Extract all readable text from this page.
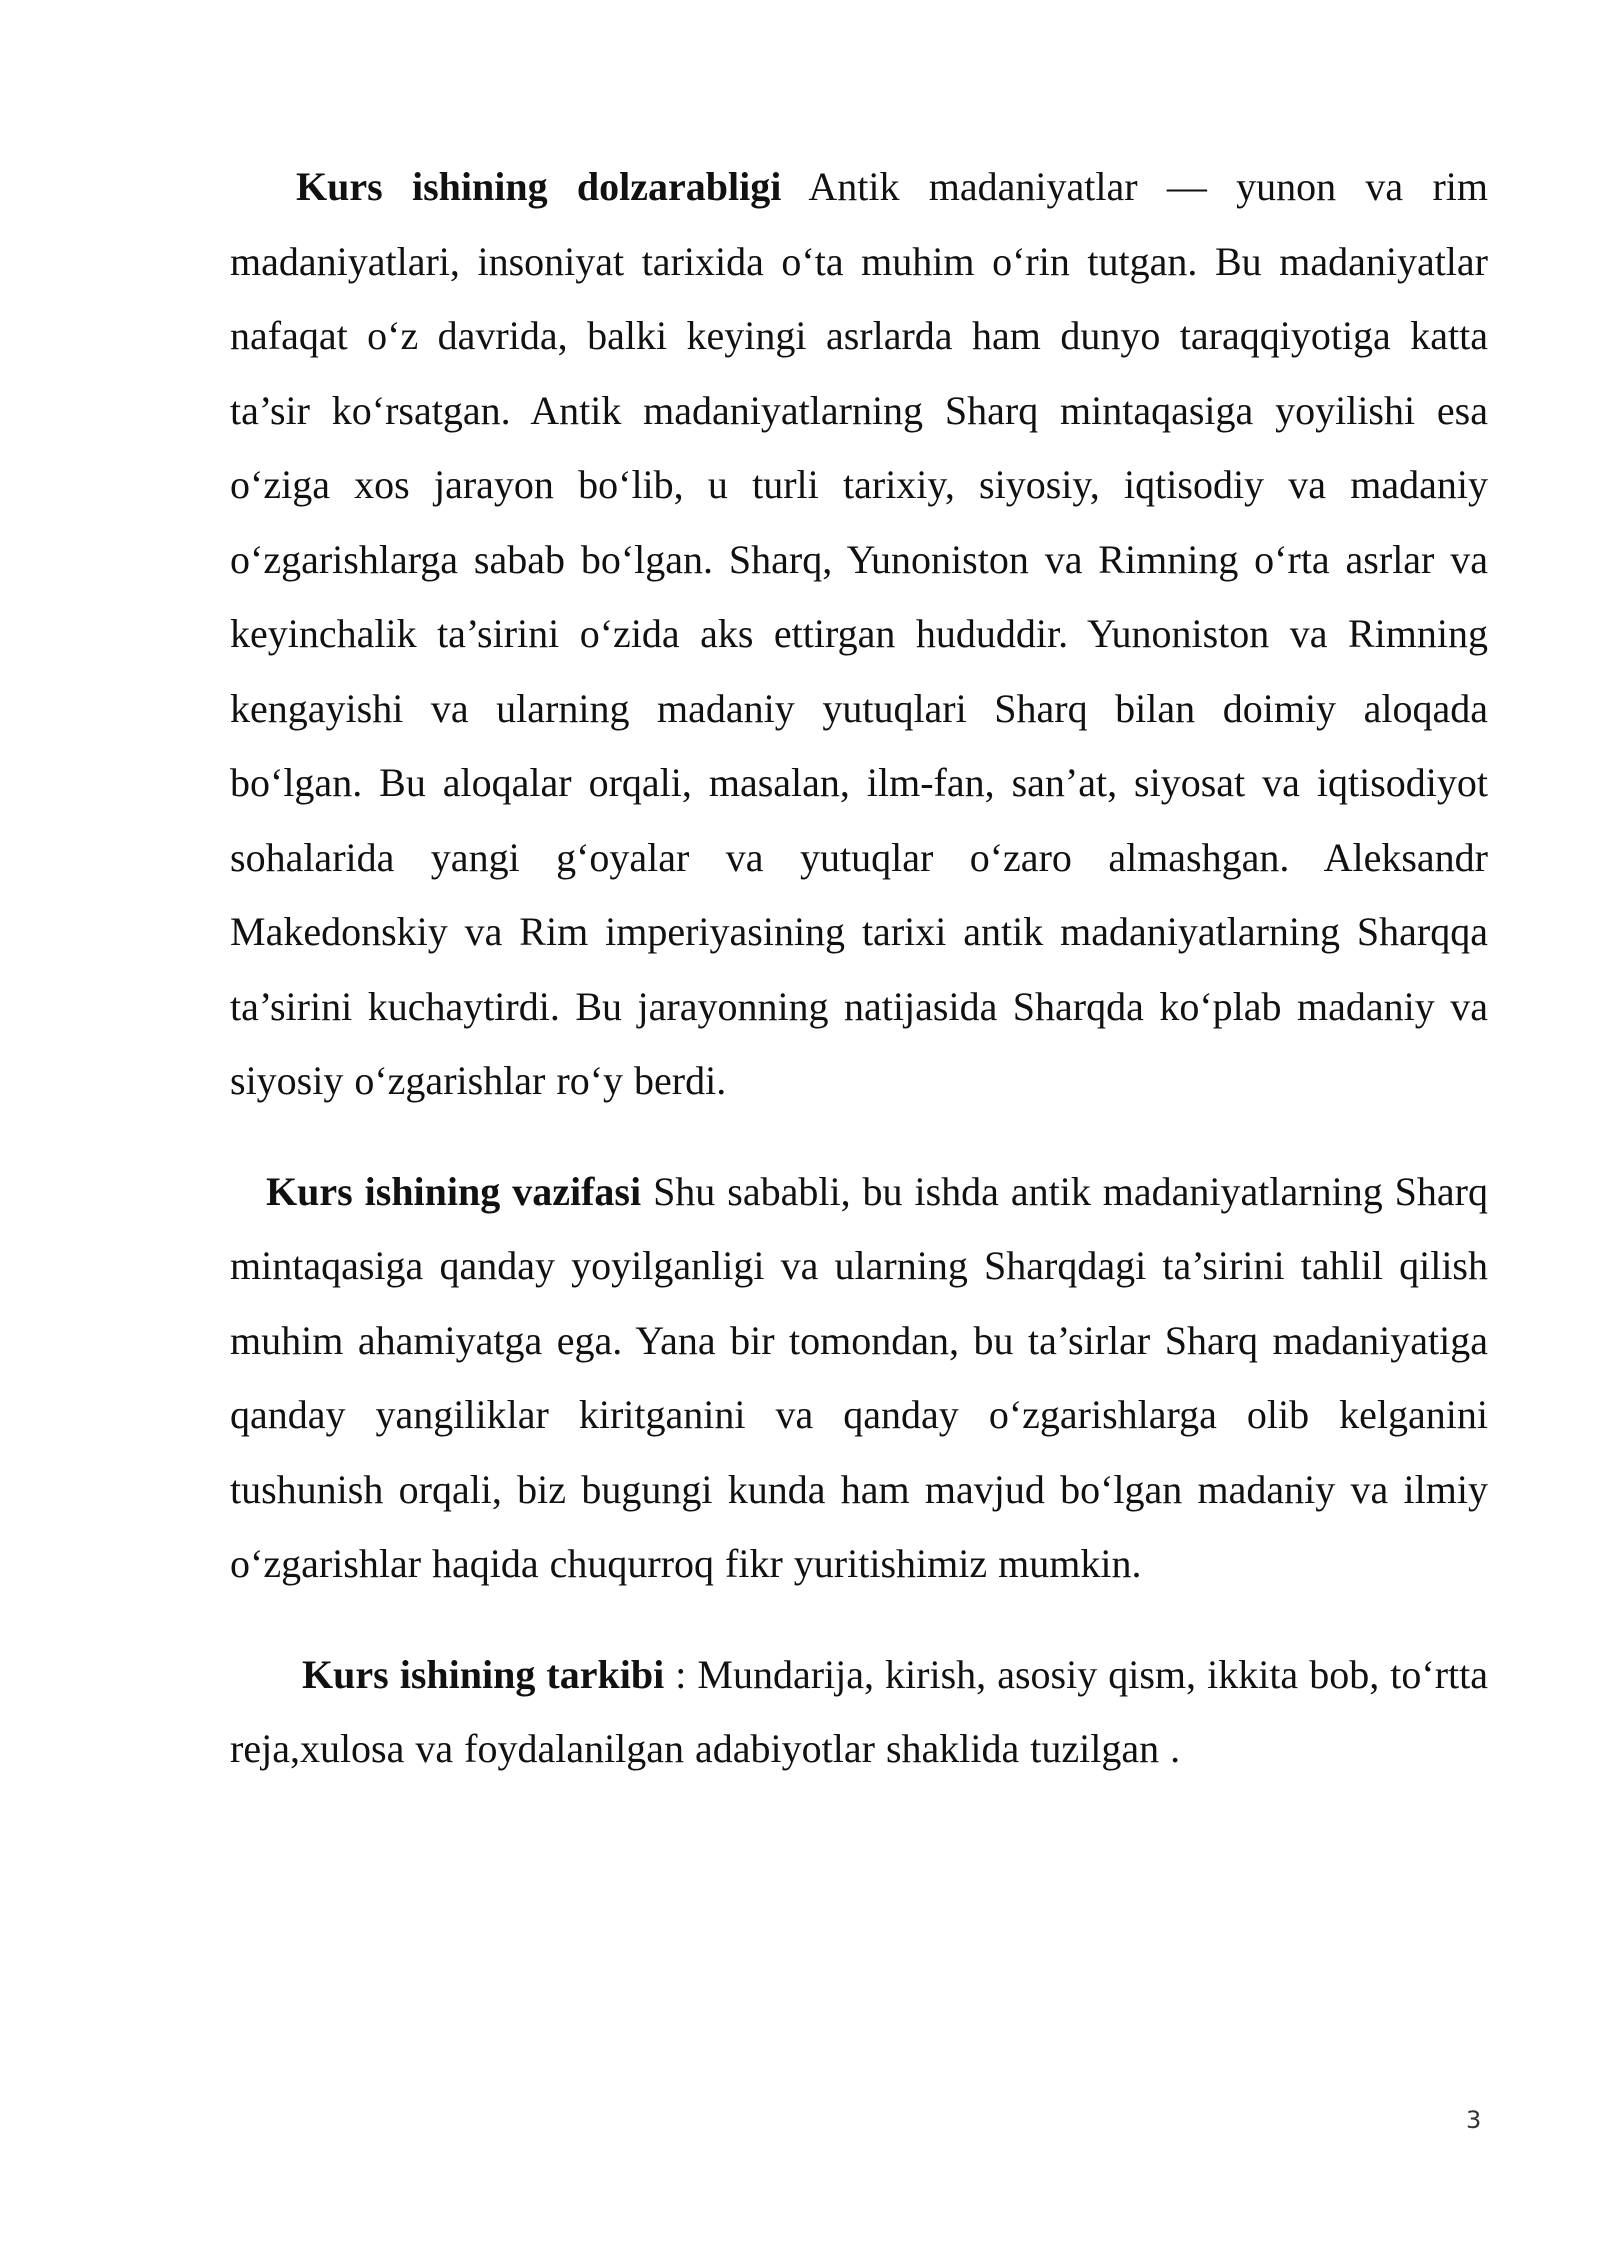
Kurs ishining dolzarabligi Antik madaniyatlar — yunon va rim madaniyatlari, insoniyat tarixida o‘ta muhim o‘rin tutgan. Bu madaniyatlar nafaqat o‘z davrida, balki keyingi asrlarda ham dunyo taraqqiyotiga katta ta’sir ko‘rsatgan. Antik madaniyatlarning Sharq mintaqasiga yoyilishi esa o‘ziga xos jarayon bo‘lib, u turli tarixiy, siyosiy, iqtisodiy va madaniy o‘zgarishlarga sabab bo‘lgan. Sharq, Yunoniston va Rimning o‘rta asrlar va keyinchalik ta’sirini o‘zida aks ettirgan hududdir. Yunoniston va Rimning kengayishi va ularning madaniy yutuqlari Sharq bilan doimiy aloqada bo‘lgan. Bu aloqalar orqali, masalan, ilm-fan, san’at, siyosat va iqtisodiyot sohalarida yangi g‘oyalar va yutuqlar o‘zaro almashgan. Aleksandr Makedonskiy va Rim imperiyasining tarixi antik madaniyatlarning Sharqqa ta’sirini kuchaytirdi. Bu jarayonning natijasida Sharqda ko‘plab madaniy va siyosiy o‘zgarishlar ro‘y berdi.

Kurs ishining vazifasi Shu sababli, bu ishda antik madaniyatlarning Sharq mintaqasiga qanday yoyilganligi va ularning Sharqdagi ta’sirini tahlil qilish muhim ahamiyatga ega. Yana bir tomondan, bu ta’sirlar Sharq madaniyatiga qanday yangiliklar kiritganini va qanday o‘zgarishlarga olib kelganini tushunish orqali, biz bugungi kunda ham mavjud bo‘lgan madaniy va ilmiy o‘zgarishlar haqida chuqurroq fikr yuritishimiz mumkin.

Kurs ishining tarkibi : Mundarija, kirish, asosiy qism, ikkita bob, to‘rtta reja,xulosa va foydalanilgan adabiyotlar shaklida tuzilgan .

3
